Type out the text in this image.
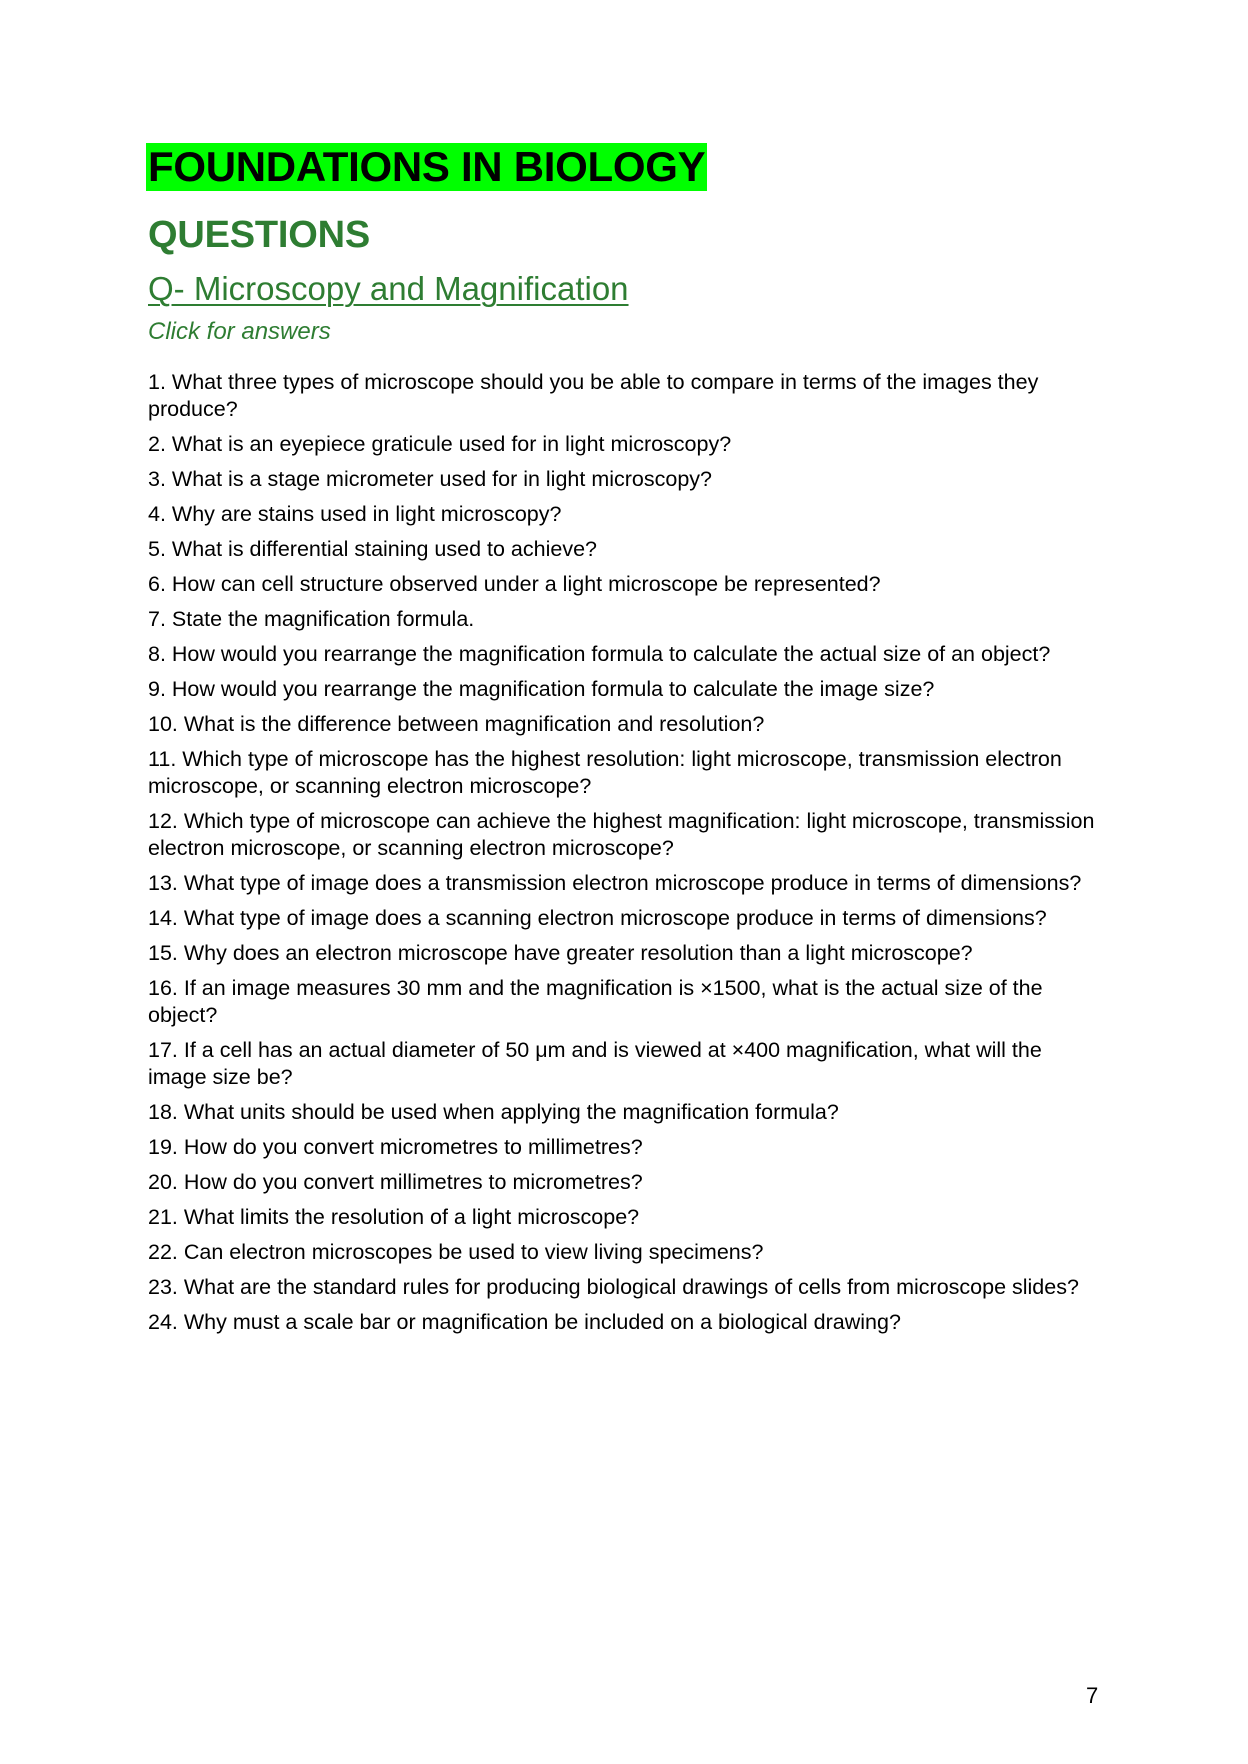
FOUNDATIONS IN BIOLOGY
QUESTIONS
Q- Microscopy and Magnification
Click for answers
1. What three types of microscope should you be able to compare in terms of the images they produce?
2. What is an eyepiece graticule used for in light microscopy?
3. What is a stage micrometer used for in light microscopy?
4. Why are stains used in light microscopy?
5. What is differential staining used to achieve?
6. How can cell structure observed under a light microscope be represented?
7. State the magnification formula.
8. How would you rearrange the magnification formula to calculate the actual size of an object?
9. How would you rearrange the magnification formula to calculate the image size?
10. What is the difference between magnification and resolution?
11. Which type of microscope has the highest resolution: light microscope, transmission electron microscope, or scanning electron microscope?
12. Which type of microscope can achieve the highest magnification: light microscope, transmission electron microscope, or scanning electron microscope?
13. What type of image does a transmission electron microscope produce in terms of dimensions?
14. What type of image does a scanning electron microscope produce in terms of dimensions?
15. Why does an electron microscope have greater resolution than a light microscope?
16. If an image measures 30 mm and the magnification is ×1500, what is the actual size of the object?
17. If a cell has an actual diameter of 50 μm and is viewed at ×400 magnification, what will the image size be?
18. What units should be used when applying the magnification formula?
19. How do you convert micrometres to millimetres?
20. How do you convert millimetres to micrometres?
21. What limits the resolution of a light microscope?
22. Can electron microscopes be used to view living specimens?
23. What are the standard rules for producing biological drawings of cells from microscope slides?
24. Why must a scale bar or magnification be included on a biological drawing?
7
